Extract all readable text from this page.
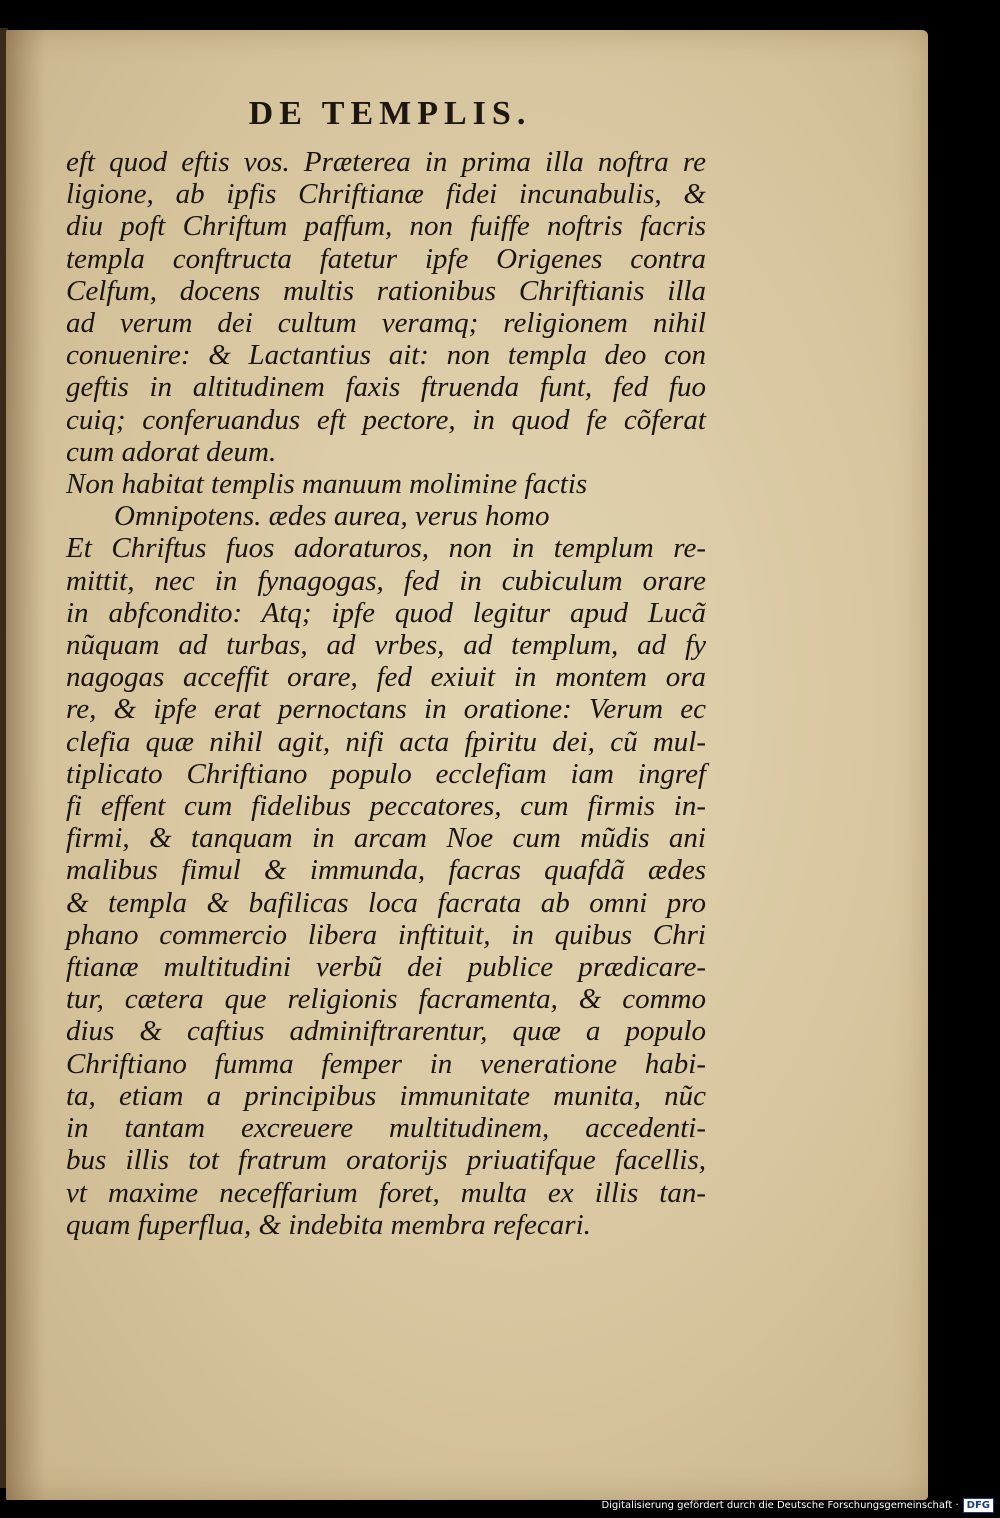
DE TEMPLIS.
eft quod eftis vos. Præterea in prima illa noftra re
ligione, ab ipfis Chriftianæ fidei incunabulis, &
diu poft Chriftum paffum, non fuiffe noftris facris
templa conftructa fatetur ipfe Origenes contra
Celfum, docens multis rationibus Chriftianis illa
ad verum dei cultum veramq; religionem nihil
conuenire: & Lactantius ait: non templa deo con
geftis in altitudinem faxis ftruenda funt, fed fuo
cuiq; conferuandus eft pectore, in quod fe cõferat
cum adorat deum.
Non habitat templis manuum molimine factis
Omnipotens. ædes aurea, verus homo
Et Chriftus fuos adoraturos, non in templum re-
mittit, nec in fynagogas, fed in cubiculum orare
in abfcondito: Atq; ipfe quod legitur apud Lucã
nũquam ad turbas, ad vrbes, ad templum, ad fy
nagogas acceffit orare, fed exiuit in montem ora
re, & ipfe erat pernoctans in oratione: Verum ec
clefia quæ nihil agit, nifi acta fpiritu dei, cũ mul-
tiplicato Chriftiano populo ecclefiam iam ingref
fi effent cum fidelibus peccatores, cum firmis in-
firmi, & tanquam in arcam Noe cum mũdis ani
malibus fimul & immunda, facras quafdã ædes
& templa & bafilicas loca facrata ab omni pro
phano commercio libera inftituit, in quibus Chri
ftianæ multitudini verbũ dei publice prædicare-
tur, cætera que religionis facramenta, & commo
dius & caftius adminiftrarentur, quæ a populo
Chriftiano fumma femper in veneratione habi-
ta, etiam a principibus immunitate munita, nũc
in tantam excreuere multitudinem, accedenti-
bus illis tot fratrum oratorijs priuatifque facellis,
vt maxime neceffarium foret, multa ex illis tan-
quam fuperflua, & indebita membra refecari.
Digitalisierung gefördert durch die Deutsche Forschungsgemeinschaft · DFG
